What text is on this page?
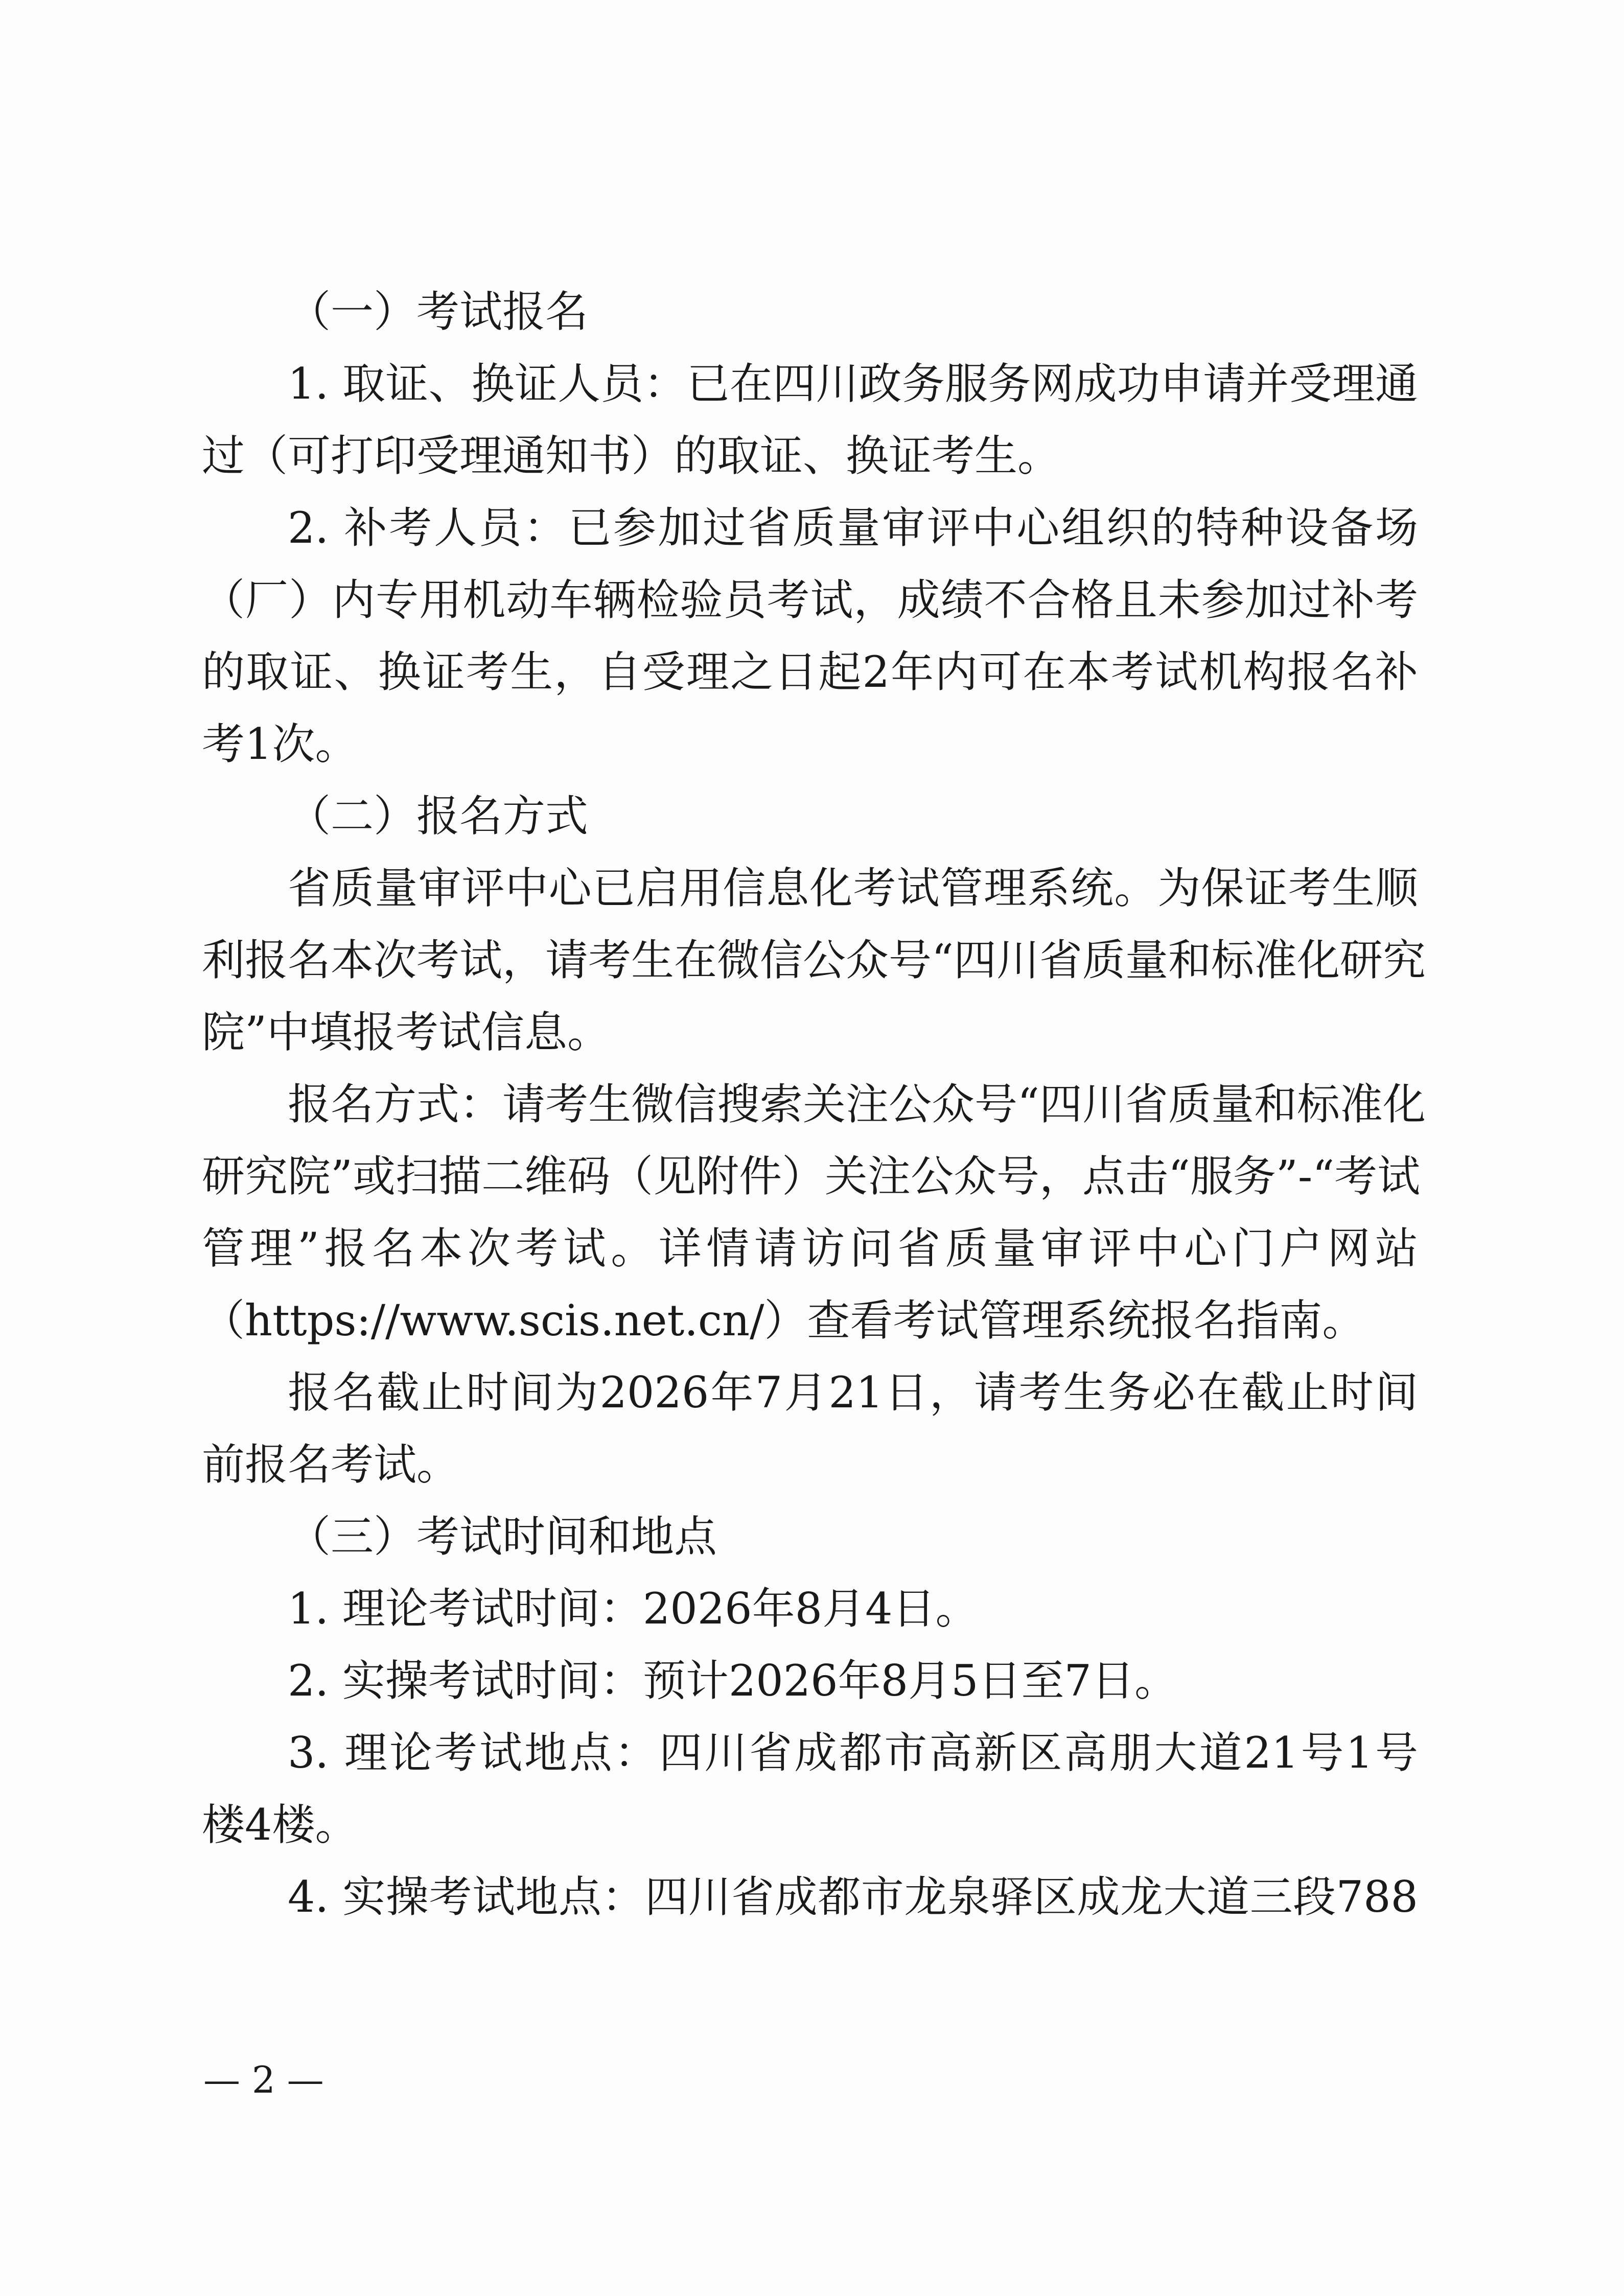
（一）考试报名
1. 取证、换证人员：已在四川政务服务网成功申请并受理通
过（可打印受理通知书）的取证、换证考生。
2. 补考人员：已参加过省质量审评中心组织的特种设备场
（厂）内专用机动车辆检验员考试，成绩不合格且未参加过补考
的取证、换证考生，自受理之日起2年内可在本考试机构报名补
考1次。
（二）报名方式
省质量审评中心已启用信息化考试管理系统。为保证考生顺
利报名本次考试，请考生在微信公众号“四川省质量和标准化研究
院”中填报考试信息。
报名方式：请考生微信搜索关注公众号“四川省质量和标准化
研究院”或扫描二维码（见附件）关注公众号，点击“服务”-“考试
管理”报名本次考试。详情请访问省质量审评中心门户网站
（https://www.scis.net.cn/）查看考试管理系统报名指南。
报名截止时间为2026年7月21日，请考生务必在截止时间
前报名考试。
（三）考试时间和地点
1. 理论考试时间：2026年8月4日。
2. 实操考试时间：预计2026年8月5日至7日。
3. 理论考试地点：四川省成都市高新区高朋大道21号1号
楼4楼。
4. 实操考试地点：四川省成都市龙泉驿区成龙大道三段788
— 2 —
